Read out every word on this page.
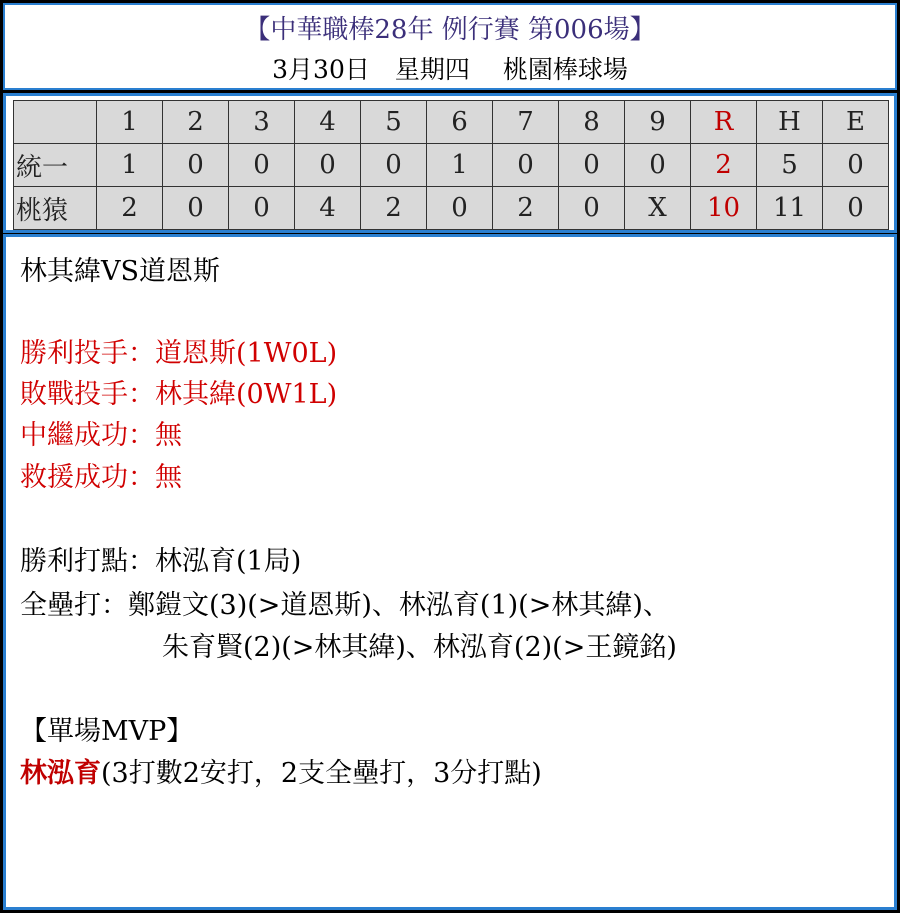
【中華職棒28年 例行賽 第006場】
3月30日　星期四　 桃園棒球場
	1	2	3	4	5	6	7	8	9	R	H	E
統一	1	0	0	0	0	1	0	0	0	2	5	0
桃猿	2	0	0	4	2	0	2	0	X	10	11	0
林其緯VS道恩斯
勝利投手：道恩斯(1W0L)
敗戰投手：林其緯(0W1L)
中繼成功：無
救援成功：無
勝利打點：林泓育(1局)
全壘打：鄭鎧文(3)(>道恩斯)、林泓育(1)(>林其緯)、
朱育賢(2)(>林其緯)、林泓育(2)(>王鏡銘)
【單場MVP】
林泓育(3打數2安打，2支全壘打，3分打點)
